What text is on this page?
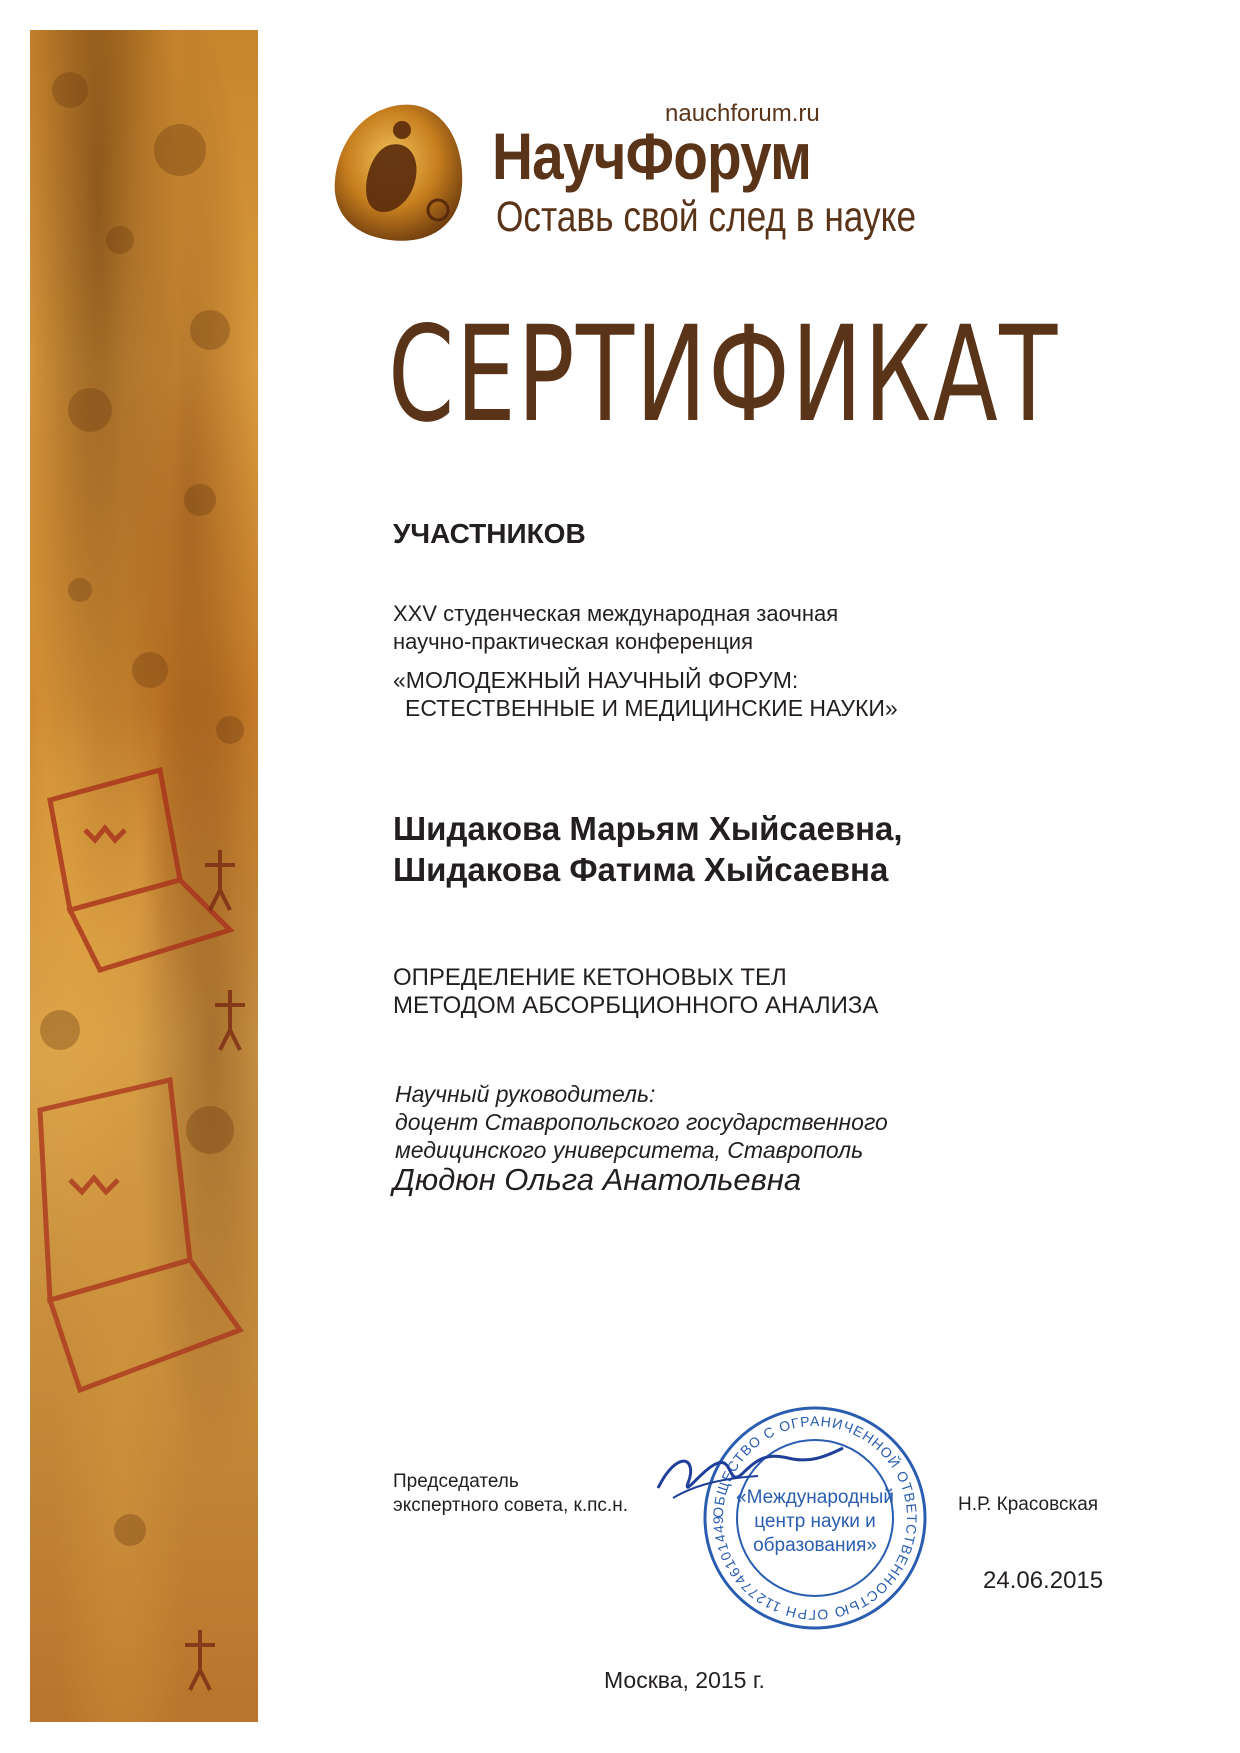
nauchforum.ru
НаучФорум
Оставь свой след в науке
СЕРТИФИКАТ
УЧАСТНИКОВ
XXV студенческая международная заочная
научно-практическая конференция
«МОЛОДЕЖНЫЙ НАУЧНЫЙ ФОРУМ:
ЕСТЕСТВЕННЫЕ И МЕДИЦИНСКИЕ НАУКИ»
Шидакова Марьям Хыйсаевна,
Шидакова Фатима Хыйсаевна
ОПРЕДЕЛЕНИЕ КЕТОНОВЫХ ТЕЛ
МЕТОДОМ АБСОРБЦИОННОГО АНАЛИЗА
Научный руководитель:
доцент Ставропольского государственного
медицинского университета, Ставрополь
Дюдюн Ольга Анатольевна
Председатель
экспертного совета, к.пс.н.	ОБЩЕСТВО С ОГРАНИЧЕННОЙ ОТВЕТСТВЕННОСТЬЮ ОГРН 1127746101449
«Международный
центр науки и
образования»
Н.Р. Красовская
24.06.2015
Москва, 2015 г.
